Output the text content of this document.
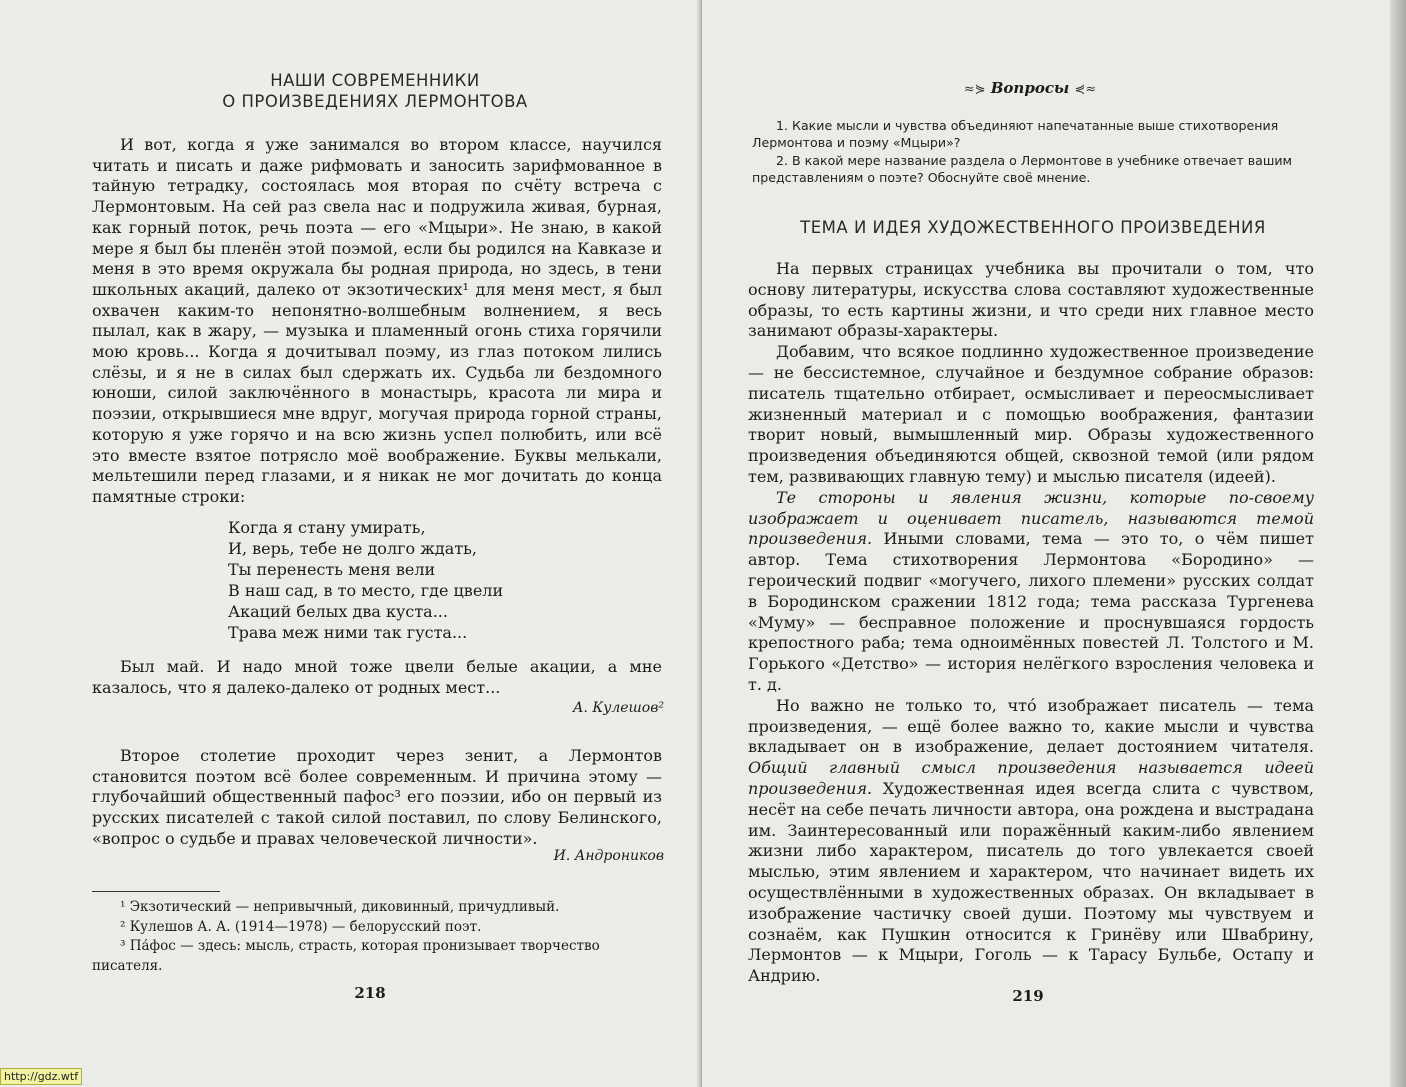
НАШИ СОВРЕМЕННИКИ
О ПРОИЗВЕДЕНИЯХ ЛЕРМОНТОВА

И вот, когда я уже занимался во втором классе, научился читать и писать и даже рифмовать и заносить зарифмованное в тайную тетрадку, состоялась моя вторая по счёту встреча с Лермонтовым. На сей раз свела нас и подружила живая, бурная, как горный поток, речь поэта — его «Мцыри». Не знаю, в какой мере я был бы пленён этой поэмой, если бы родился на Кавказе и меня в это время окружала бы родная природа, но здесь, в тени школьных акаций, далеко от экзотических¹ для меня мест, я был охвачен каким-то непонятно-волшебным волнением, я весь пылал, как в жару, — музыка и пламенный огонь стиха горячили мою кровь... Когда я дочитывал поэму, из глаз потоком лились слёзы, и я не в силах был сдержать их. Судьба ли бездомного юноши, силой заключённого в монастырь, красота ли мира и поэзии, открывшиеся мне вдруг, могучая природа горной страны, которую я уже горячо и на всю жизнь успел полюбить, или всё это вместе взятое потрясло моё воображение. Буквы мелькали, мельтешили перед глазами, и я никак не мог дочитать до конца памятные строки:

Когда я стану умирать,
И, верь, тебе не долго ждать,
Ты перенесть меня вели
В наш сад, в то место, где цвели
Акаций белых два куста...
Трава меж ними так густа...

Был май. И надо мной тоже цвели белые акации, а мне казалось, что я далеко-далеко от родных мест...

А. Кулешов²

Второе столетие проходит через зенит, а Лермонтов становится поэтом всё более современным. И причина этому — глубочайший общественный пафос³ его поэзии, ибо он первый из русских писателей с такой силой поставил, по слову Белинского, «вопрос о судьбе и правах человеческой личности».

И. Андроников
¹ Экзотический — непривычный, диковинный, причудливый.
² Кулешов А. А. (1914—1978) — белорусский поэт.
³ Па́фос — здесь: мысль, страсть, которая пронизывает творчество писателя.
218
≈⋟ Вопросы ⋞≈
1. Какие мысли и чувства объединяют напечатанные выше стихотворения Лермонтова и поэму «Мцыри»?
2. В какой мере название раздела о Лермонтове в учебнике отвечает вашим представлениям о поэте? Обоснуйте своё мнение.
ТЕМА И ИДЕЯ ХУДОЖЕСТВЕННОГО ПРОИЗВЕДЕНИЯ

На первых страницах учебника вы прочитали о том, что основу литературы, искусства слова составляют художественные образы, то есть картины жизни, и что среди них главное место занимают образы-характеры.

Добавим, что всякое подлинно художественное произведение — не бессистемное, случайное и бездумное собрание образов: писатель тщательно отбирает, осмысливает и переосмысливает жизненный материал и с помощью воображения, фантазии творит новый, вымышленный мир. Образы художественного произведения объединяются общей, сквозной темой (или рядом тем, развивающих главную тему) и мыслью писателя (идеей).

Те стороны и явления жизни, которые по-своему изображает и оценивает писатель, называются темой произведения. Иными словами, тема — это то, о чём пишет автор. Тема стихотворения Лермонтова «Бородино» — героический подвиг «могучего, лихого племени» русских солдат в Бородинском сражении 1812 года; тема рассказа Тургенева «Муму» — бесправное положение и проснувшаяся гордость крепостного раба; тема одноимённых повестей Л. Толстого и М. Горького «Детство» — история нелёгкого взросления человека и т. д.

Но важно не только то, что́ изображает писатель — тема произведения, — ещё более важно то, какие мысли и чувства вкладывает он в изображение, делает достоянием читателя. Общий главный смысл произведения называется идеей произведения. Художественная идея всегда слита с чувством, несёт на себе печать личности автора, она рождена и выстрадана им. Заинтересованный или поражённый каким-либо явлением жизни либо характером, писатель до того увлекается своей мыслью, этим явлением и характером, что начинает видеть их осуществлёнными в художественных образах. Он вкладывает в изображение частичку своей души. Поэтому мы чувствуем и сознаём, как Пушкин относится к Гринёву или Швабрину, Лермонтов — к Мцыри, Гоголь — к Тарасу Бульбе, Остапу и Андрию.

219
http://gdz.wtf
